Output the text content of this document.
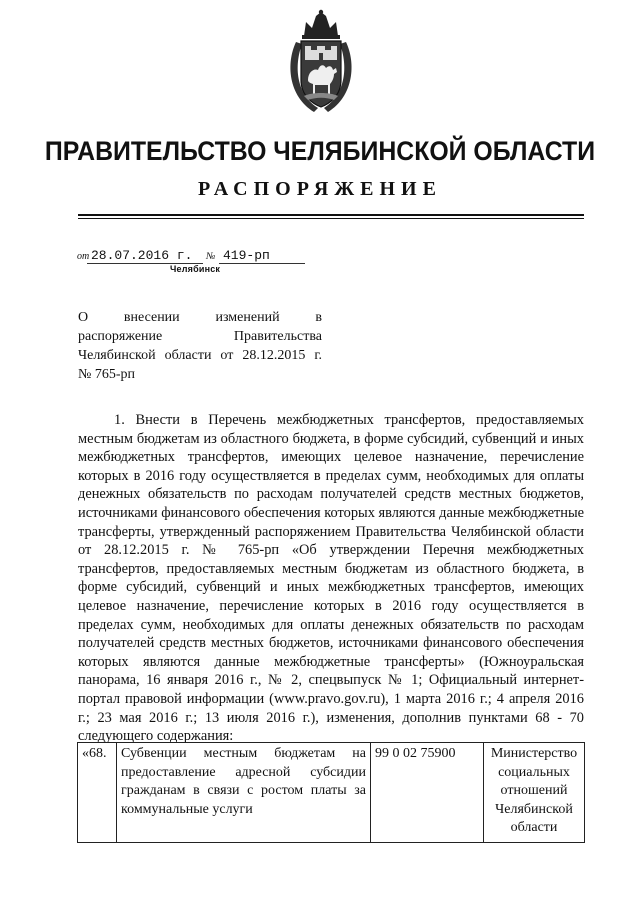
ПРАВИТЕЛЬСТВО ЧЕЛЯБИНСКОЙ ОБЛАСТИ
РАСПОРЯЖЕНИЕ
от 28.07.2016 г.	№ 419-рп
Челябинск
О внесении изменений в
распоряжение Правительства
Челябинской области от 28.12.2015 г.
№ 765-рп

1. Внести в Перечень межбюджетных трансфертов, предоставляемых местным бюджетам из областного бюджета, в форме субсидий, субвенций и иных межбюджетных трансфертов, имеющих целевое назначение, перечисление которых в 2016 году осуществляется в пределах сумм, необходимых для оплаты денежных обязательств по расходам получателей средств местных бюджетов, источниками финансового обеспечения которых являются данные межбюджетные трансферты, утвержденный распоряжением Правительства Челябинской области от 28.12.2015 г. № 765-рп «Об утверждении Перечня межбюджетных трансфертов, предоставляемых местным бюджетам из областного бюджета, в форме субсидий, субвенций и иных межбюджетных трансфертов, имеющих целевое назначение, перечисление которых в 2016 году осуществляется в пределах сумм, необходимых для оплаты денежных обязательств по расходам получателей средств местных бюджетов, источниками финансового обеспечения которых являются данные межбюджетные трансферты» (Южноуральская панорама, 16 января 2016 г., № 2, спецвыпуск № 1; Официальный интернет-портал правовой информации (www.pravo.gov.ru), 1 марта 2016 г.; 4 апреля 2016 г.; 23 мая 2016 г.; 13 июля 2016 г.), изменения, дополнив пунктами 68 - 70 следующего содержания:

«68.	Субвенции местным бюджетам на предоставление адресной субсидии гражданам в связи с ростом платы за коммунальные услуги	99 0 02 75900	Министерство социальных отношений Челябинской области
